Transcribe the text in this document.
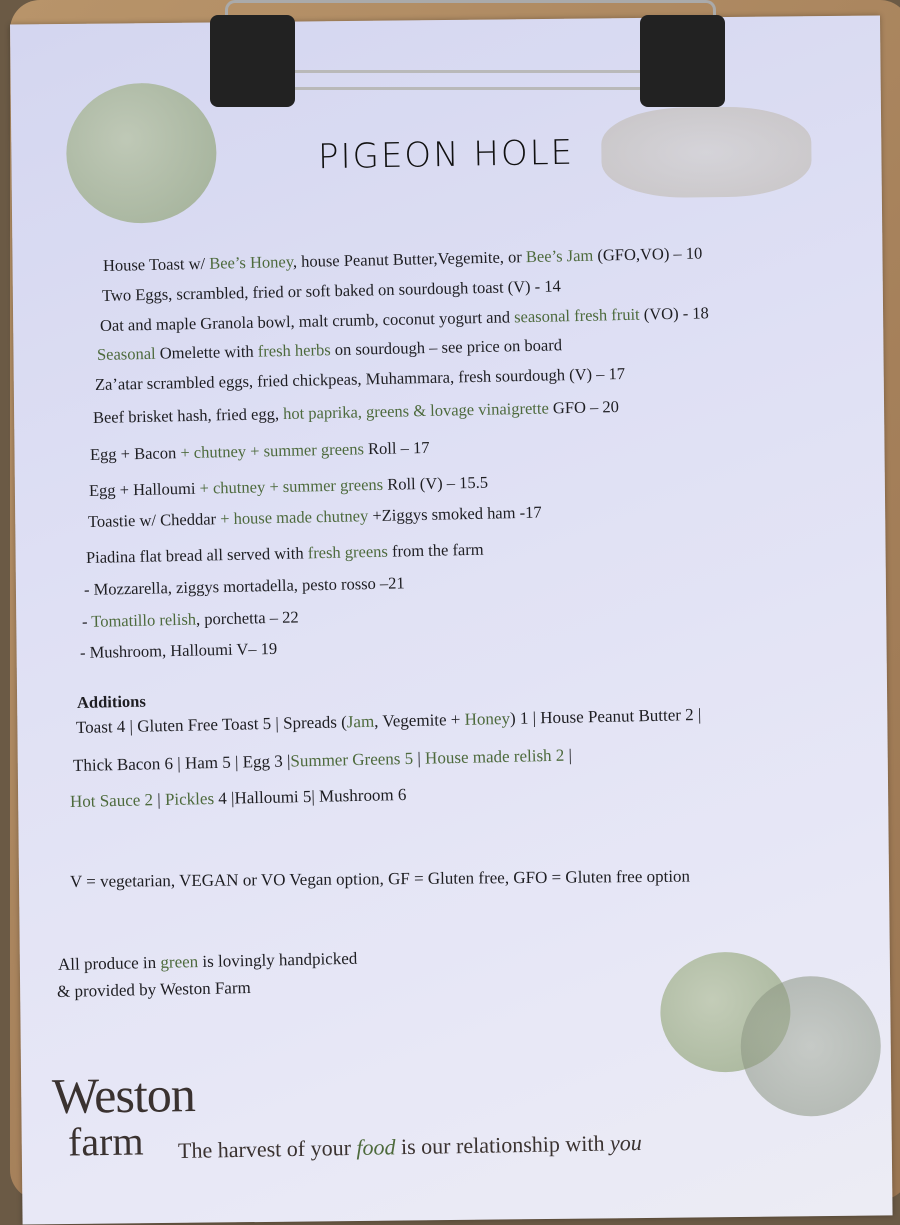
PIGEON HOLE
House Toast w/ Bee’s Honey, house Peanut Butter,Vegemite, or Bee’s Jam (GFO,VO) – 10
Two Eggs, scrambled, fried or soft baked on sourdough toast (V) - 14
Oat and maple Granola bowl, malt crumb, coconut yogurt and seasonal fresh fruit (VO) - 18
Seasonal Omelette with fresh herbs on sourdough – see price on board
Za’atar scrambled eggs, fried chickpeas, Muhammara, fresh sourdough (V) – 17
Beef brisket hash, fried egg, hot paprika, greens & lovage vinaigrette GFO – 20
Egg + Bacon + chutney + summer greens Roll – 17
Egg + Halloumi + chutney + summer greens Roll (V) – 15.5
Toastie w/ Cheddar + house made chutney +Ziggys smoked ham -17
Piadina flat bread all served with fresh greens from the farm
- Mozzarella, ziggys mortadella, pesto rosso –21
- Tomatillo relish, porchetta – 22
- Mushroom, Halloumi V– 19
Additions
Toast 4 | Gluten Free Toast 5 | Spreads (Jam, Vegemite + Honey) 1 | House Peanut Butter 2 |
Thick Bacon 6 | Ham 5 | Egg 3 |Summer Greens 5 | House made relish 2 |
Hot Sauce 2 | Pickles 4 |Halloumi 5| Mushroom 6
V = vegetarian, VEGAN or VO Vegan option, GF = Gluten free, GFO = Gluten free option
All produce in green is lovingly handpicked
& provided by Weston Farm
Weston
farm The harvest of your food is our relationship with you
